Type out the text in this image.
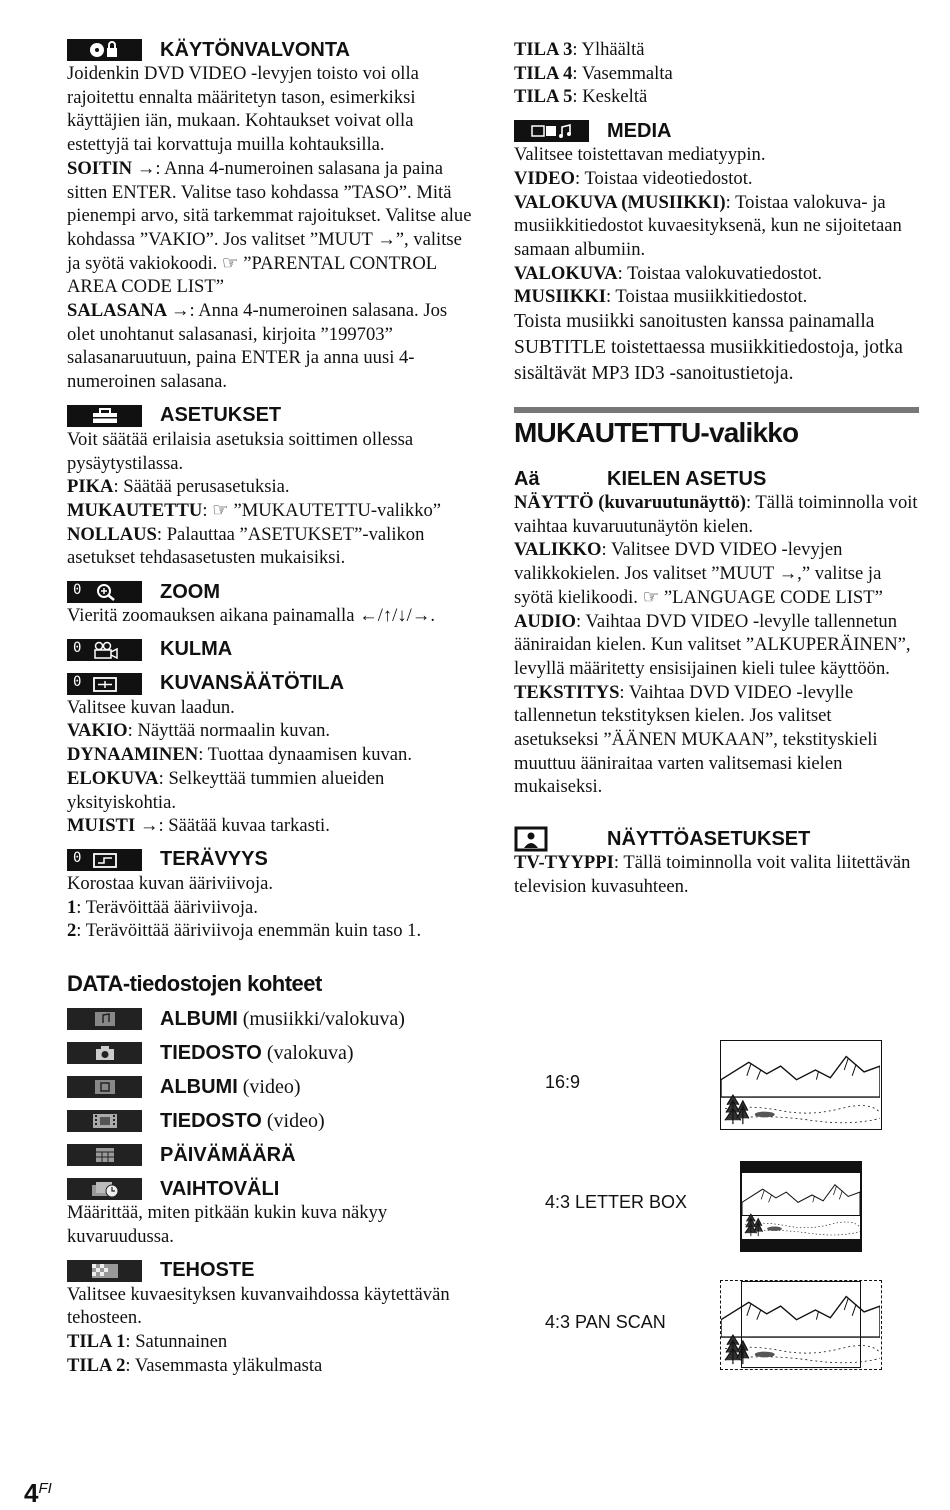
KÄYTÖNVALVONTA

Joidenkin DVD VIDEO -levyjen toisto voi olla rajoitettu ennalta määritetyn tason, esimerkiksi käyttäjien iän, mukaan. Kohtaukset voivat olla estettyjä tai korvattuja muilla kohtauksilla.

SOITIN →: Anna 4-numeroinen salasana ja paina sitten ENTER. Valitse taso kohdassa ”TASO”. Mitä pienempi arvo, sitä tarkemmat rajoitukset. Valitse alue kohdassa ”VAKIO”. Jos valitset ”MUUT →”, valitse ja syötä vakiokoodi. ☞ ”PARENTAL CONTROL AREA CODE LIST”

SALASANA →: Anna 4-numeroinen salasana. Jos olet unohtanut salasanasi, kirjoita ”199703” salasanaruutuun, paina ENTER ja anna uusi 4-numeroinen salasana.

ASETUKSET

Voit säätää erilaisia asetuksia soittimen ollessa pysäytystilassa.

PIKA: Säätää perusasetuksia.

MUKAUTETTU: ☞ ”MUKAUTETTU-valikko”

NOLLAUS: Palauttaa ”ASETUKSET”-valikon asetukset tehdasasetusten mukaisiksi.

0	ZOOM

Vieritä zoomauksen aikana painamalla ←/↑/↓/→.

0	KULMA
0	KUVANSÄÄTÖTILA

Valitsee kuvan laadun.

VAKIO: Näyttää normaalin kuvan.

DYNAAMINEN: Tuottaa dynaamisen kuvan.

ELOKUVA: Selkeyttää tummien alueiden yksityiskohtia.

MUISTI →: Säätää kuvaa tarkasti.

0	TERÄVYYS

Korostaa kuvan ääriviivoja.

1: Terävöittää ääriviivoja.

2: Terävöittää ääriviivoja enemmän kuin taso 1.

DATA-tiedostojen kohteet
ALBUMI (musiikki/valokuva)
TIEDOSTO (valokuva)
ALBUMI (video)
TIEDOSTO (video)
PÄIVÄMÄÄRÄ
VAIHTOVÄLI

Määrittää, miten pitkään kukin kuva näkyy kuvaruudussa.

TEHOSTE

Valitsee kuvaesityksen kuvanvaihdossa käytettävän tehosteen.

TILA 1: Satunnainen

TILA 2: Vasemmasta yläkulmasta

TILA 3: Ylhäältä

TILA 4: Vasemmalta

TILA 5: Keskeltä

MEDIA

Valitsee toistettavan mediatyypin.

VIDEO: Toistaa videotiedostot.

VALOKUVA (MUSIIKKI): Toistaa valokuva- ja musiikkitiedostot kuvaesityksenä, kun ne sijoitetaan samaan albumiin.

VALOKUVA: Toistaa valokuvatiedostot.

MUSIIKKI: Toistaa musiikkitiedostot.

Toista musiikki sanoitusten kanssa painamalla SUBTITLE toistettaessa musiikkitiedostoja, jotka sisältävät MP3 ID3 -sanoitustietoja.

MUKAUTETTU-valikko
Aä	KIELEN ASETUS

NÄYTTÖ (kuvaruutunäyttö): Tällä toiminnolla voit vaihtaa kuvaruutunäytön kielen.

VALIKKO: Valitsee DVD VIDEO -levyjen valikkokielen. Jos valitset ”MUUT →,” valitse ja syötä kielikoodi. ☞ ”LANGUAGE CODE LIST”

AUDIO: Vaihtaa DVD VIDEO -levylle tallennetun ääniraidan kielen. Kun valitset ”ALKUPERÄINEN”, levyllä määritetty ensisijainen kieli tulee käyttöön.

TEKSTITYS: Vaihtaa DVD VIDEO -levylle tallennetun tekstityksen kielen. Jos valitset asetukseksi ”ÄÄNEN MUKAAN”, tekstityskieli muuttuu ääniraitaa varten valitsemasi kielen mukaiseksi.

NÄYTTÖASETUKSET

TV-TYYPPI: Tällä toiminnolla voit valita liitettävän television kuvasuhteen.

16:9
4:3 LETTER BOX
4:3 PAN SCAN
$4^{FI}$
